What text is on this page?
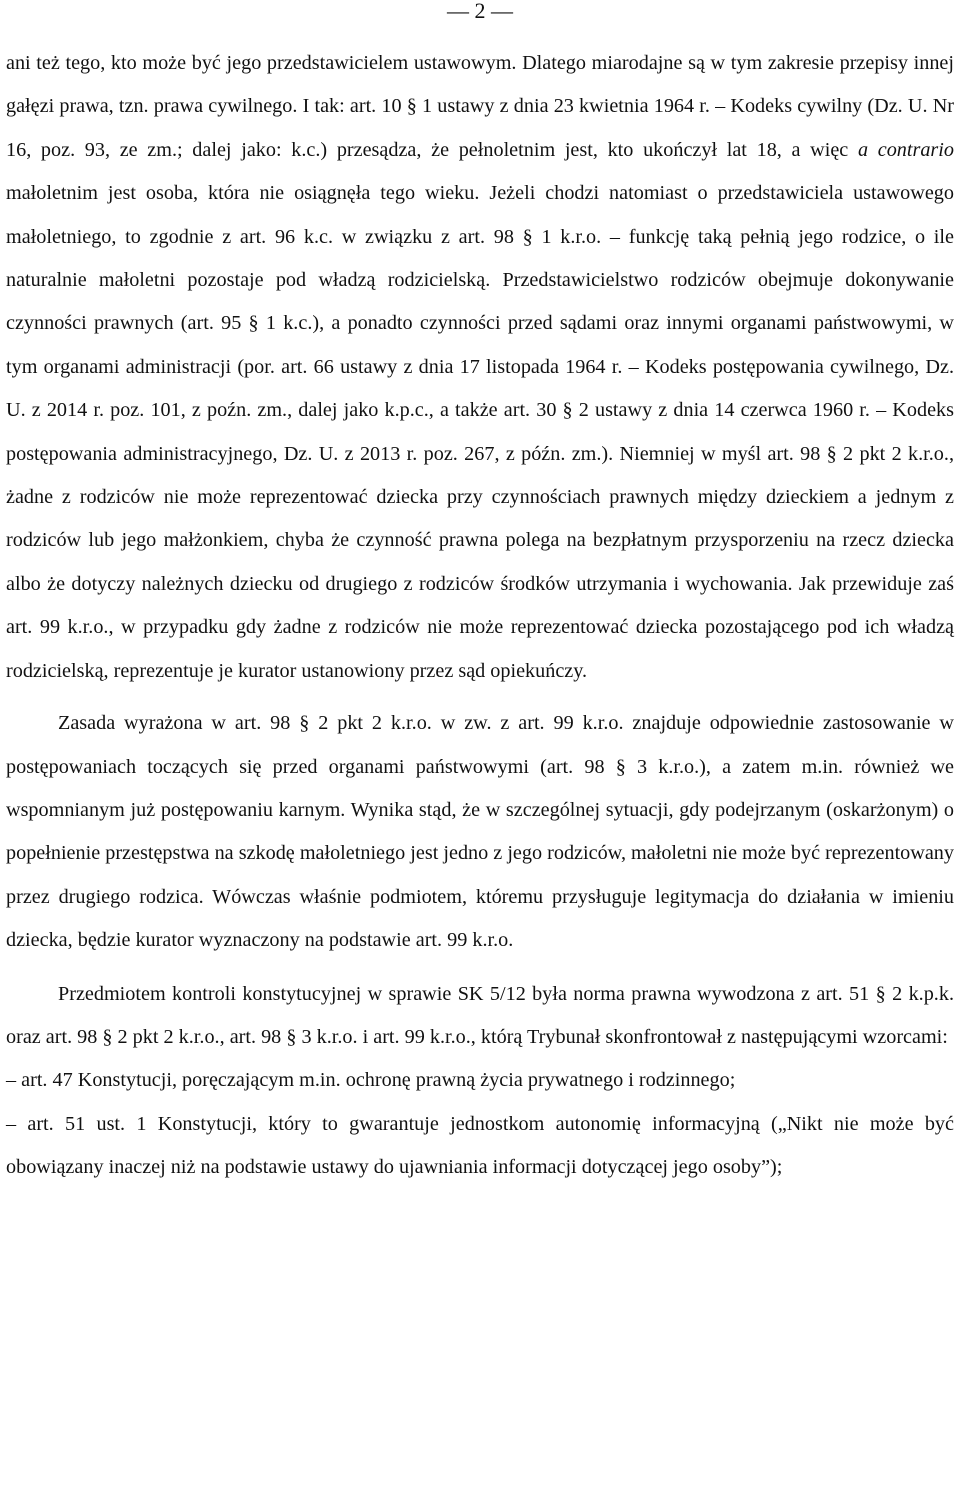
— 2 —

ani też tego, kto może być jego przedstawicielem ustawowym. Dlatego miarodajne są w tym zakresie przepisy innej gałęzi prawa, tzn. prawa cywilnego. I tak: art. 10 § 1 ustawy z dnia 23 kwietnia 1964 r. – Kodeks cywilny (Dz. U. Nr 16, poz. 93, ze zm.; dalej jako: k.c.) przesądza, że pełnoletnim jest, kto ukończył lat 18, a więc a contrario małoletnim jest osoba, która nie osiągnęła tego wieku. Jeżeli chodzi natomiast o przedstawiciela ustawowego małoletniego, to zgodnie z art. 96 k.c. w związku z art. 98 § 1 k.r.o. – funkcję taką pełnią jego rodzice, o ile naturalnie małoletni pozostaje pod władzą rodzicielską. Przedstawicielstwo rodziców obejmuje dokonywanie czynności prawnych (art. 95 § 1 k.c.), a ponadto czynności przed sądami oraz innymi organami państwowymi, w tym organami administracji (por. art. 66 ustawy z dnia 17 listopada 1964 r. – Kodeks postępowania cywilnego, Dz. U. z 2014 r. poz. 101, z poźn. zm., dalej jako k.p.c., a także art. 30 § 2 ustawy z dnia 14 czerwca 1960 r. – Kodeks postępowania administracyjnego, Dz. U. z 2013 r. poz. 267, z późn. zm.). Niemniej w myśl art. 98 § 2 pkt 2 k.r.o., żadne z rodziców nie może reprezentować dziecka przy czynnościach prawnych między dzieckiem a jednym z rodziców lub jego małżonkiem, chyba że czynność prawna polega na bezpłatnym przysporzeniu na rzecz dziecka albo że dotyczy należnych dziecku od drugiego z rodziców środków utrzymania i wychowania. Jak przewiduje zaś art. 99 k.r.o., w przypadku gdy żadne z rodziców nie może reprezentować dziecka pozostającego pod ich władzą rodzicielską, reprezentuje je kurator ustanowiony przez sąd opiekuńczy.

Zasada wyrażona w art. 98 § 2 pkt 2 k.r.o. w zw. z art. 99 k.r.o. znajduje odpowiednie zastosowanie w postępowaniach toczących się przed organami państwowymi (art. 98 § 3 k.r.o.), a zatem m.in. również we wspomnianym już postępowaniu karnym. Wynika stąd, że w szczególnej sytuacji, gdy podejrzanym (oskarżonym) o popełnienie przestępstwa na szkodę małoletniego jest jedno z jego rodziców, małoletni nie może być reprezentowany przez drugiego rodzica. Wówczas właśnie podmiotem, któremu przysługuje legitymacja do działania w imieniu dziecka, będzie kurator wyznaczony na podstawie art. 99 k.r.o.

Przedmiotem kontroli konstytucyjnej w sprawie SK 5/12 była norma prawna wywodzona z art. 51 § 2 k.p.k. oraz art. 98 § 2 pkt 2 k.r.o., art. 98 § 3 k.r.o. i art. 99 k.r.o., którą Trybunał skonfrontował z następującymi wzorcami:

– art. 47 Konstytucji, poręczającym m.in. ochronę prawną życia prywatnego i rodzinnego;

– art. 51 ust. 1 Konstytucji, który to gwarantuje jednostkom autonomię informacyjną („Nikt nie może być obowiązany inaczej niż na podstawie ustawy do ujawniania informacji dotyczącej jego osoby”);
